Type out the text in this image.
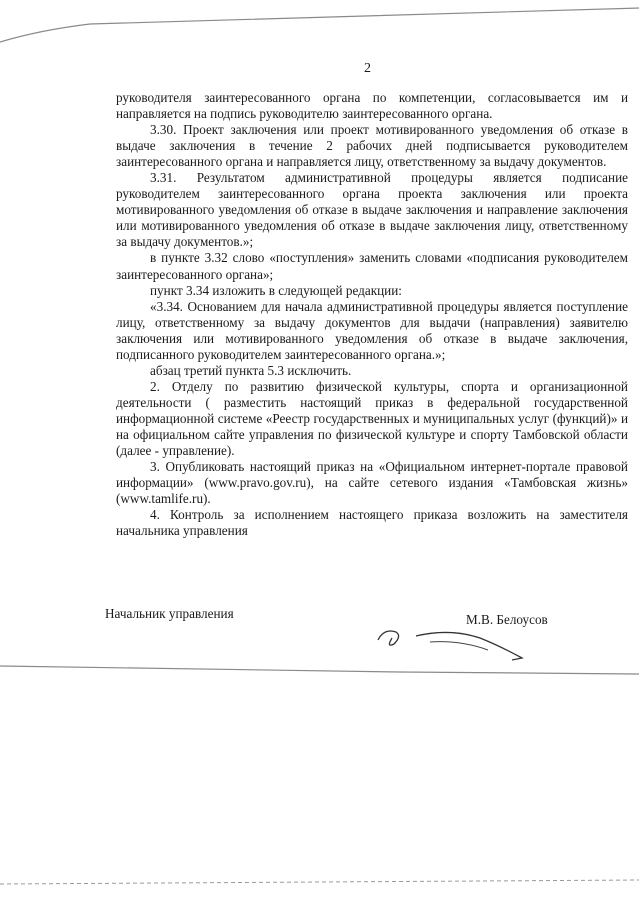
2

руководителя заинтересованного органа по компетенции, согласовывается им и направляется на подпись руководителю заинтересованного органа.

3.30. Проект заключения или проект мотивированного уведомления об отказе в выдаче заключения в течение 2 рабочих дней подписывается руководителем заинтересованного органа и направляется лицу, ответственному за выдачу документов.

3.31. Результатом административной процедуры является подписание руководителем заинтересованного органа проекта заключения или проекта мотивированного уведомления об отказе в выдаче заключения и направление заключения или мотивированного уведомления об отказе в выдаче заключения лицу, ответственному за выдачу документов.»;

в пункте 3.32 слово «поступления» заменить словами «подписания руководителем заинтересованного органа»;

пункт 3.34 изложить в следующей редакции:

«3.34. Основанием для начала административной процедуры является поступление лицу, ответственному за выдачу документов для выдачи (направления) заявителю заключения или мотивированного уведомления об отказе в выдаче заключения, подписанного руководителем заинтересованного органа.»;

абзац третий пункта 5.3 исключить.

2. Отделу по развитию физической культуры, спорта и организационной деятельности ( разместить настоящий приказ в федеральной государственной информационной системе «Реестр государственных и муниципальных услуг (функций)» и на официальном сайте управления по физической культуре и спорту Тамбовской области (далее - управление).

3. Опубликовать настоящий приказ на «Официальном интернет-портале правовой информации» (www.pravo.gov.ru), на сайте сетевого издания «Тамбовская жизнь» (www.tamlife.ru).

4. Контроль за исполнением настоящего приказа возложить на заместителя начальника управления

Начальник управления	М.В. Белоусов
